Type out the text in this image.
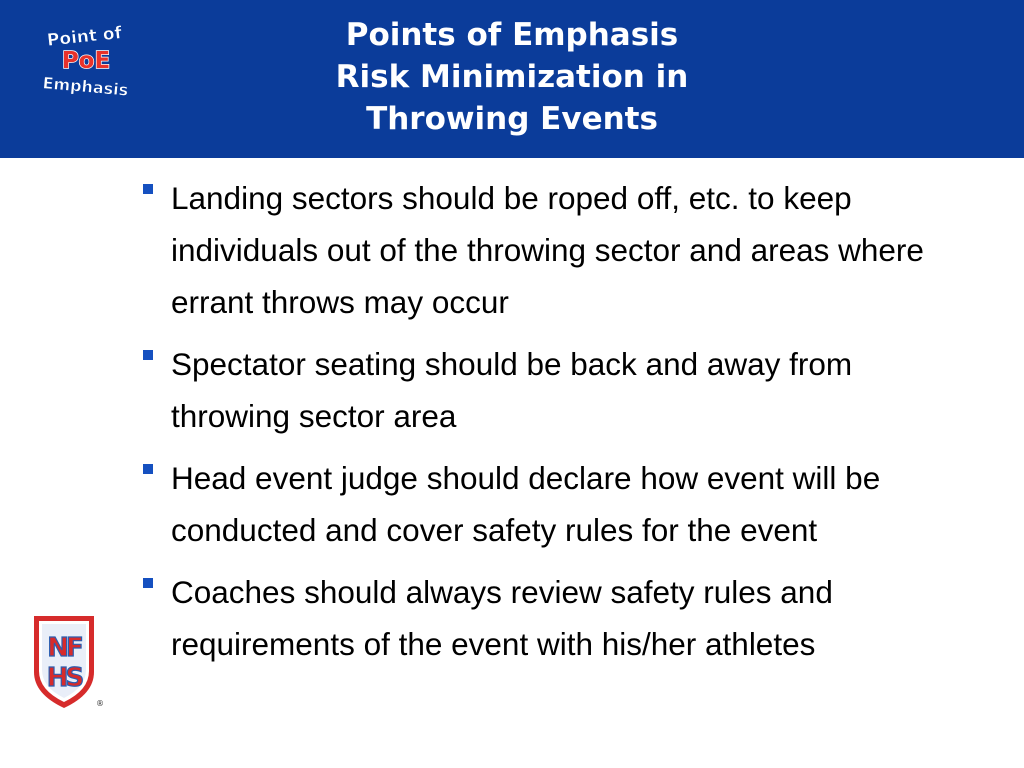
Point of
PoE
Emphasis
Points of Emphasis
Risk Minimization in
Throwing Events
Landing sectors should be roped off, etc. to keep individuals out of the throwing sector and areas where errant throws may occur
Spectator seating should be back and away from throwing sector area
Head event judge should declare how event will be conducted and cover safety rules for the event
Coaches should always review safety rules and requirements of the event with his/her athletes
NF
HS
®
